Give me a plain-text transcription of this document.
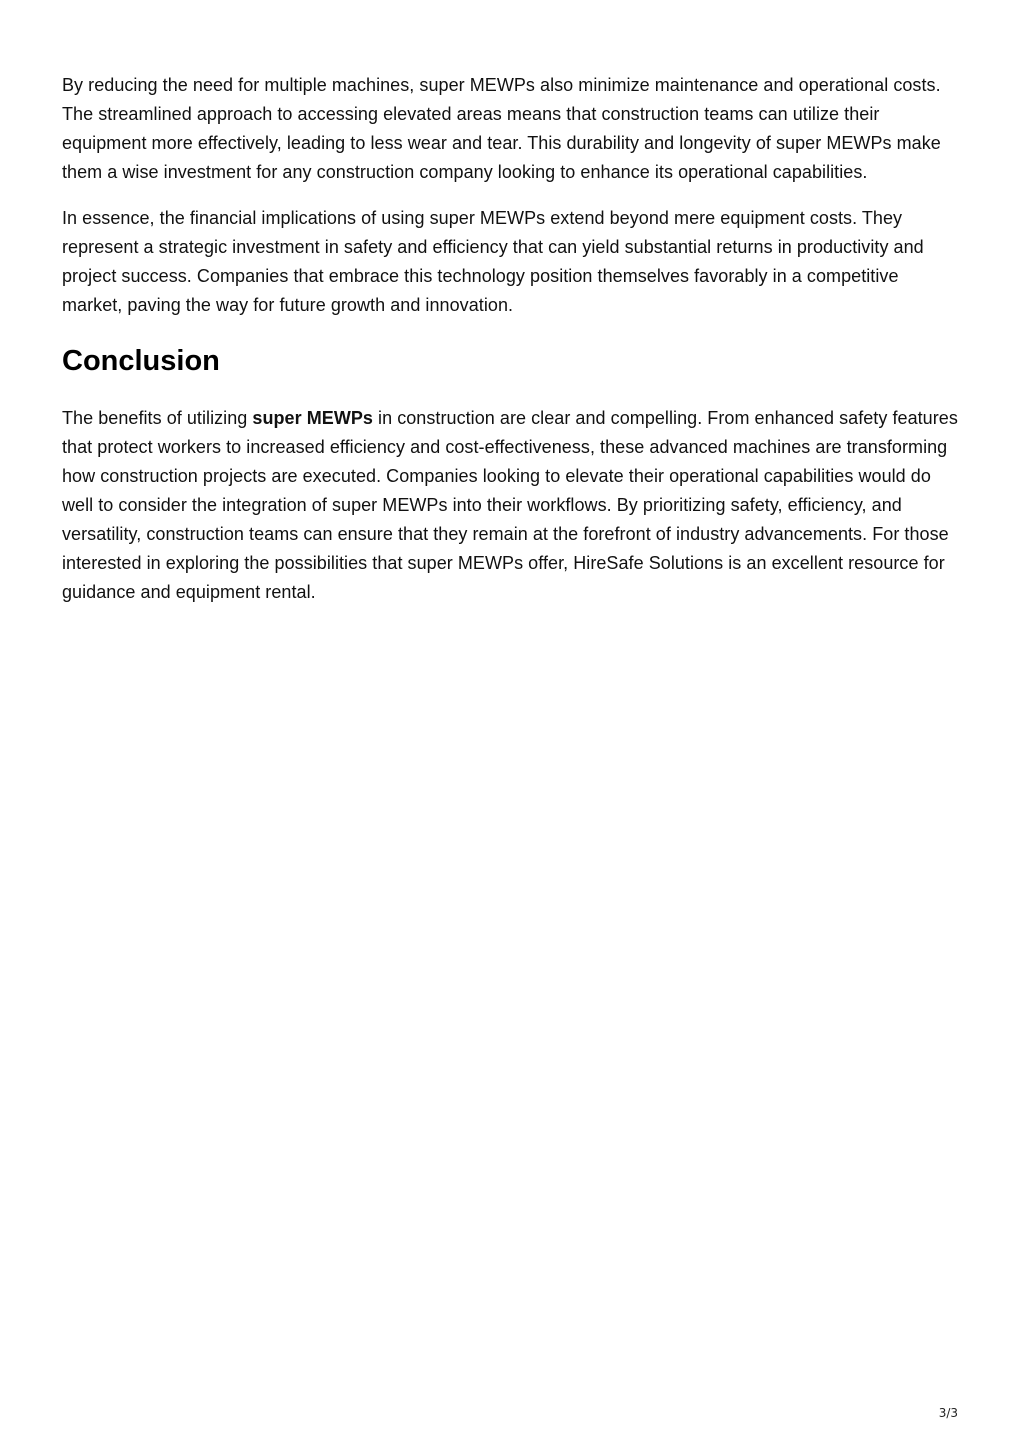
By reducing the need for multiple machines, super MEWPs also minimize maintenance and operational costs. The streamlined approach to accessing elevated areas means that construction teams can utilize their equipment more effectively, leading to less wear and tear. This durability and longevity of super MEWPs make them a wise investment for any construction company looking to enhance its operational capabilities.

In essence, the financial implications of using super MEWPs extend beyond mere equipment costs. They represent a strategic investment in safety and efficiency that can yield substantial returns in productivity and project success. Companies that embrace this technology position themselves favorably in a competitive market, paving the way for future growth and innovation.

Conclusion

The benefits of utilizing super MEWPs in construction are clear and compelling. From enhanced safety features that protect workers to increased efficiency and cost-effectiveness, these advanced machines are transforming how construction projects are executed. Companies looking to elevate their operational capabilities would do well to consider the integration of super MEWPs into their workflows. By prioritizing safety, efficiency, and versatility, construction teams can ensure that they remain at the forefront of industry advancements. For those interested in exploring the possibilities that super MEWPs offer, HireSafe Solutions is an excellent resource for guidance and equipment rental.

3/3
